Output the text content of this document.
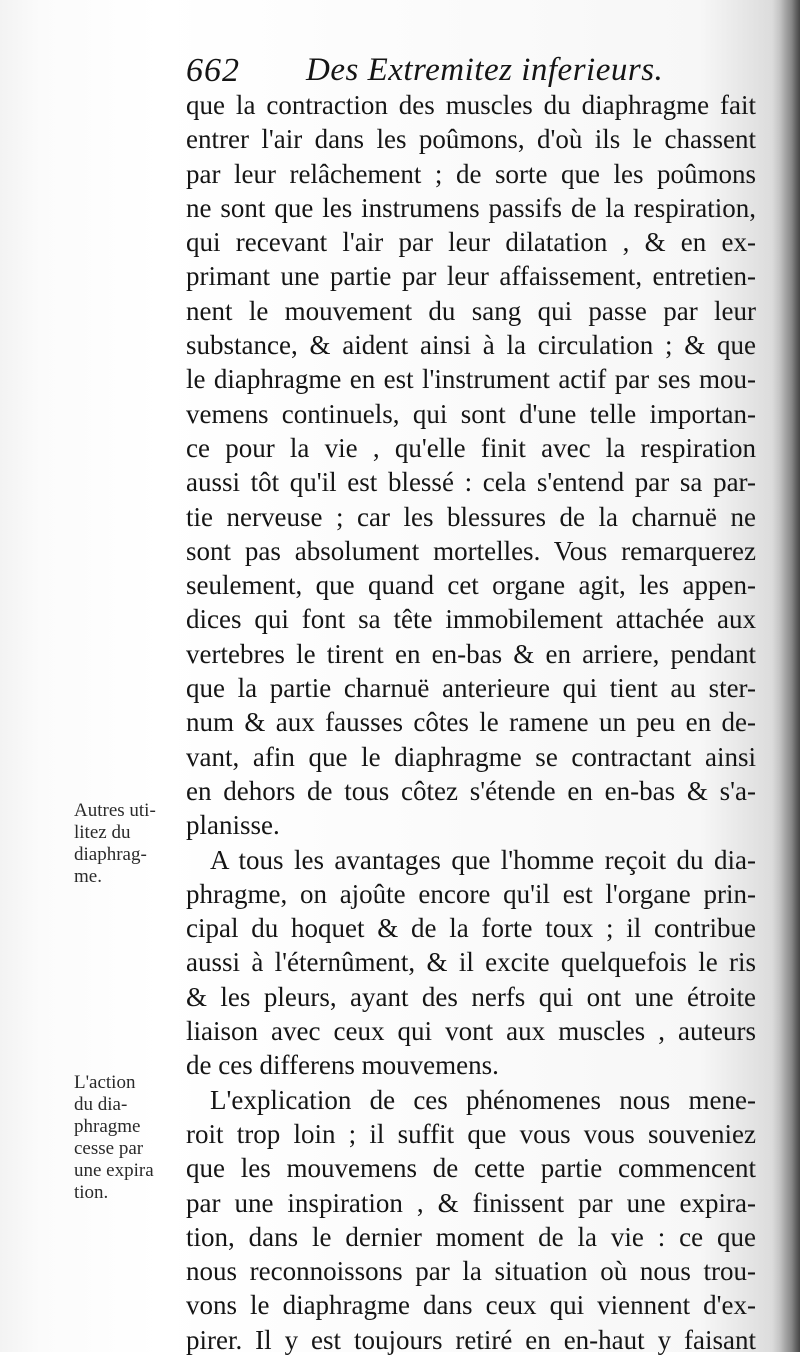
662 Des Extremitez inferieurs.
que la contraction des muscles du diaphragme fait
entrer l'air dans les poûmons, d'où ils le chassent
par leur relâchement ; de sorte que les poûmons
ne sont que les instrumens passifs de la respiration,
qui recevant l'air par leur dilatation , & en ex-
primant une partie par leur affaissement, entretien-
nent le mouvement du sang qui passe par leur
substance, & aident ainsi à la circulation ; & que
le diaphragme en est l'instrument actif par ses mou-
vemens continuels, qui sont d'une telle importan-
ce pour la vie , qu'elle finit avec la respiration
aussi tôt qu'il est blessé : cela s'entend par sa par-
tie nerveuse ; car les blessures de la charnuë ne
sont pas absolument mortelles. Vous remarquerez
seulement, que quand cet organe agit, les appen-
dices qui font sa tête immobilement attachée aux
vertebres le tirent en en-bas & en arriere, pendant
que la partie charnuë anterieure qui tient au ster-
num & aux fausses côtes le ramene un peu en de-
vant, afin que le diaphragme se contractant ainsi
en dehors de tous côtez s'étende en en-bas & s'a-
planisse.
A tous les avantages que l'homme reçoit du dia-
phragme, on ajoûte encore qu'il est l'organe prin-
cipal du hoquet & de la forte toux ; il contribue
aussi à l'éternûment, & il excite quelquefois le ris
& les pleurs, ayant des nerfs qui ont une étroite
liaison avec ceux qui vont aux muscles , auteurs
de ces differens mouvemens.
L'explication de ces phénomenes nous mene-
roit trop loin ; il suffit que vous vous souveniez
que les mouvemens de cette partie commencent
par une inspiration , & finissent par une expira-
tion, dans le dernier moment de la vie : ce que
nous reconnoissons par la situation où nous trou-
vons le diaphragme dans ceux qui viennent d'ex-
pirer. Il y est toujours retiré en en-haut y faisant
Autres uti-
litez du
diaphrag-
me.
L'action
du dia-
phragme
cesse par
une expira
tion.
